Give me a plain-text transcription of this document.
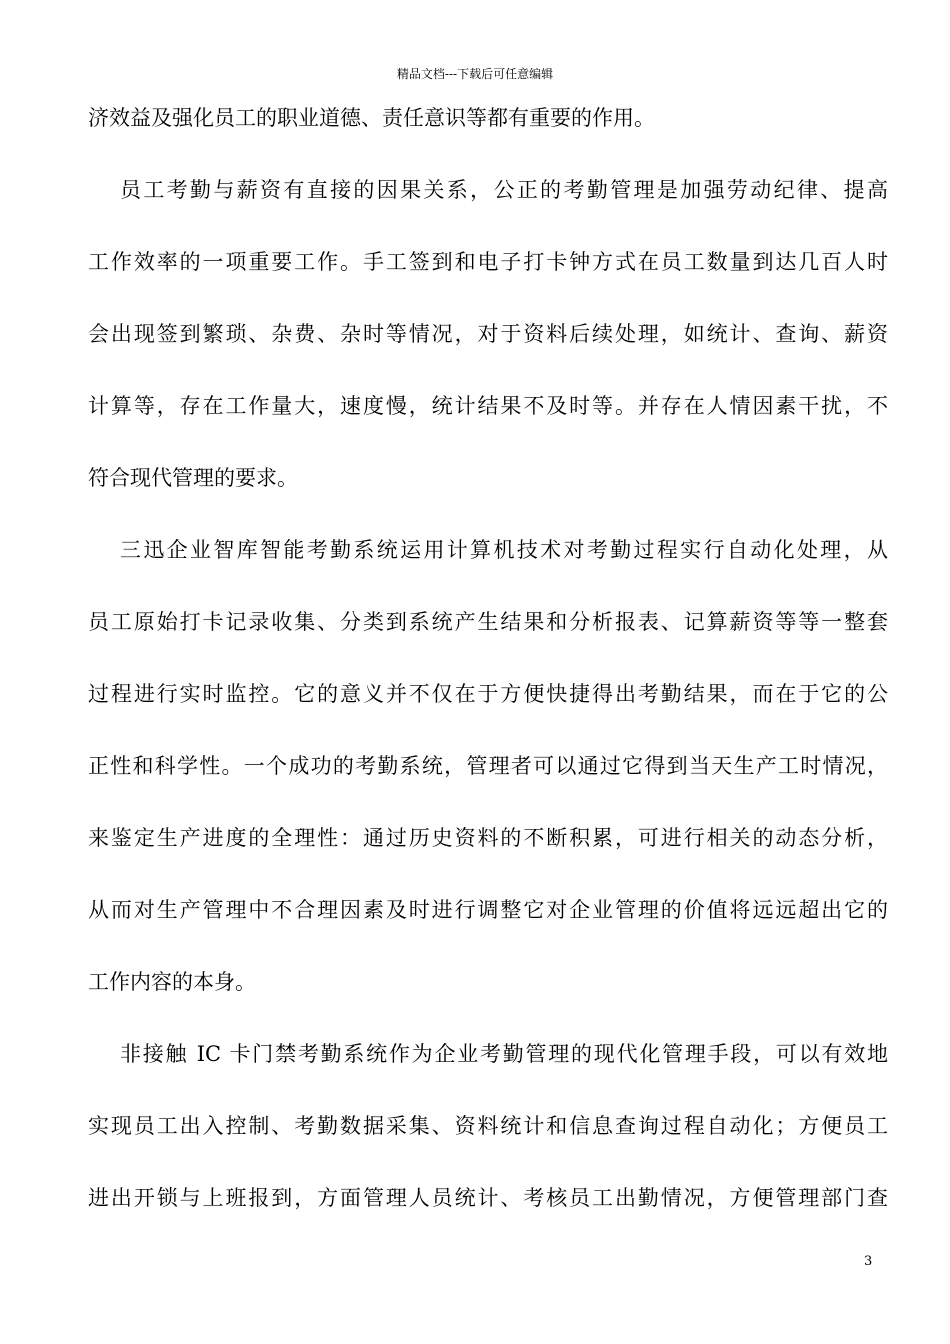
精品文档---下载后可任意编辑
济效益及强化员工的职业道德、责任意识等都有重要的作用。
员工考勤与薪资有直接的因果关系，公正的考勤管理是加强劳动纪律、提高
工作效率的一项重要工作。手工签到和电子打卡钟方式在员工数量到达几百人时
会出现签到繁琐、杂费、杂时等情况，对于资料后续处理，如统计、查询、薪资
计算等，存在工作量大，速度慢，统计结果不及时等。并存在人情因素干扰，不
符合现代管理的要求。
三迅企业智库智能考勤系统运用计算机技术对考勤过程实行自动化处理，从
员工原始打卡记录收集、分类到系统产生结果和分析报表、记算薪资等等一整套
过程进行实时监控。它的意义并不仅在于方便快捷得出考勤结果，而在于它的公
正性和科学性。一个成功的考勤系统，管理者可以通过它得到当天生产工时情况，
来鉴定生产进度的全理性：通过历史资料的不断积累，可进行相关的动态分析，
从而对生产管理中不合理因素及时进行调整它对企业管理的价值将远远超出它的
工作内容的本身。
非接触 IC 卡门禁考勤系统作为企业考勤管理的现代化管理手段，可以有效地
实现员工出入控制、考勤数据采集、资料统计和信息查询过程自动化；方便员工
进出开锁与上班报到，方面管理人员统计、考核员工出勤情况，方便管理部门查
3
